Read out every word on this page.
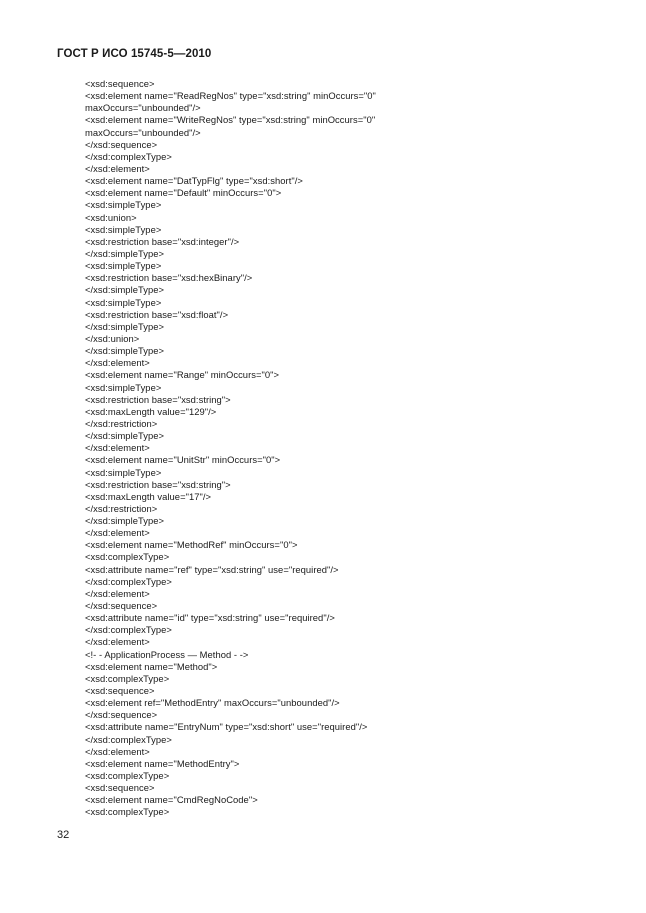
ГОСТ Р ИСО 15745-5—2010
<xsd:sequence>
<xsd:element name="ReadRegNos" type="xsd:string" minOccurs="0"
maxOccurs="unbounded"/>
<xsd:element name="WriteRegNos" type="xsd:string" minOccurs="0"
maxOccurs="unbounded"/>
</xsd:sequence>
</xsd:complexType>
</xsd:element>
<xsd:element name="DatTypFlg" type="xsd:short"/>
<xsd:element name="Default" minOccurs="0">
<xsd:simpleType>
<xsd:union>
<xsd:simpleType>
<xsd:restriction base="xsd:integer"/>
</xsd:simpleType>
<xsd:simpleType>
<xsd:restriction base="xsd:hexBinary"/>
</xsd:simpleType>
<xsd:simpleType>
<xsd:restriction base="xsd:float"/>
</xsd:simpleType>
</xsd:union>
</xsd:simpleType>
</xsd:element>
<xsd:element name="Range" minOccurs="0">
<xsd:simpleType>
<xsd:restriction base="xsd:string">
<xsd:maxLength value="129"/>
</xsd:restriction>
</xsd:simpleType>
</xsd:element>
<xsd:element name="UnitStr" minOccurs="0">
<xsd:simpleType>
<xsd:restriction base="xsd:string">
<xsd:maxLength value="17"/>
</xsd:restriction>
</xsd:simpleType>
</xsd:element>
<xsd:element name="MethodRef" minOccurs="0">
<xsd:complexType>
<xsd:attribute name="ref" type="xsd:string" use="required"/>
</xsd:complexType>
</xsd:element>
</xsd:sequence>
<xsd:attribute name="id" type="xsd:string" use="required"/>
</xsd:complexType>
</xsd:element>
<!- - ApplicationProcess — Method - ->
<xsd:element name="Method">
<xsd:complexType>
<xsd:sequence>
<xsd:element ref="MethodEntry" maxOccurs="unbounded"/>
</xsd:sequence>
<xsd:attribute name="EntryNum" type="xsd:short" use="required"/>
</xsd:complexType>
</xsd:element>
<xsd:element name="MethodEntry">
<xsd:complexType>
<xsd:sequence>
<xsd:element name="CmdRegNoCode">
<xsd:complexType>
32
